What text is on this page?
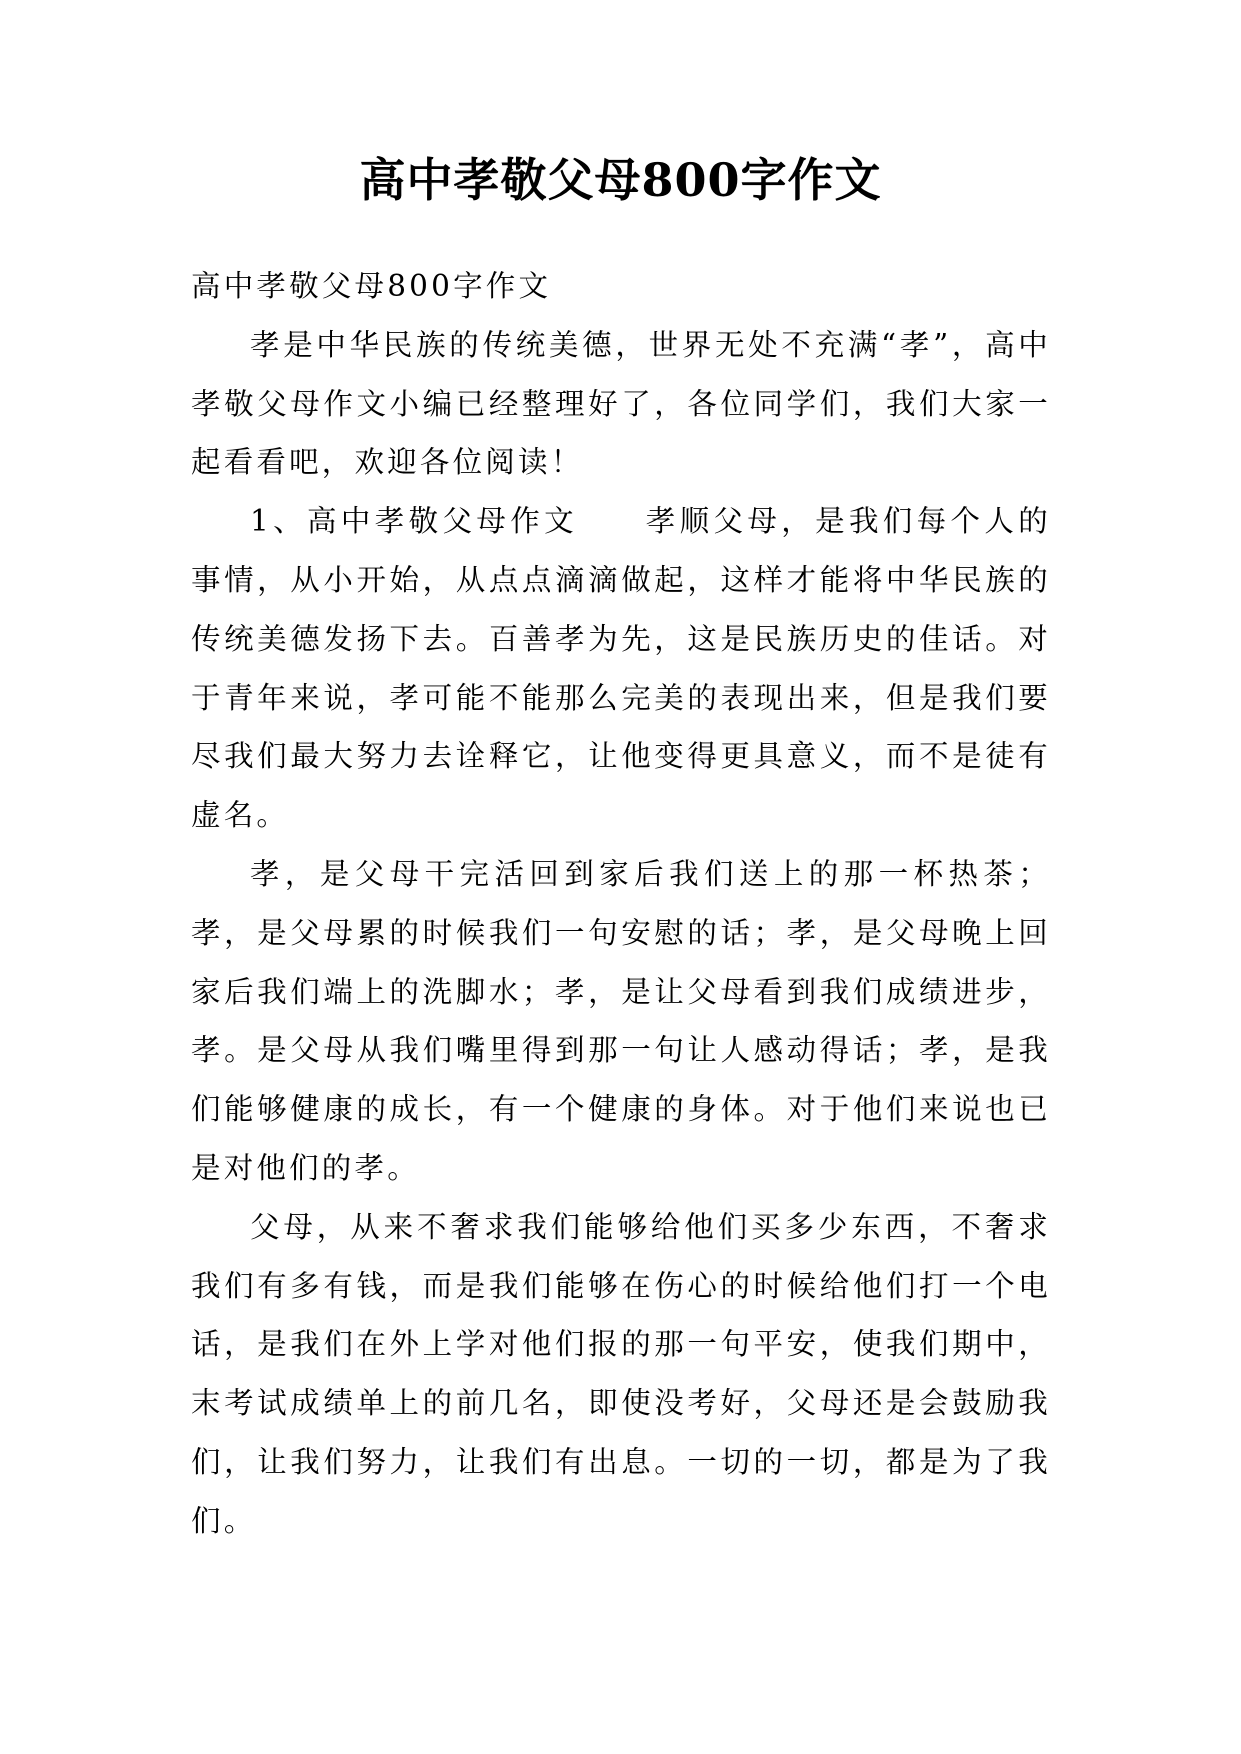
高中孝敬父母800字作文

高中孝敬父母800字作文

孝是中华民族的传统美德，世界无处不充满“孝”，高中孝敬父母作文小编已经整理好了，各位同学们，我们大家一起看看吧，欢迎各位阅读！

1、高中孝敬父母作文　　孝顺父母，是我们每个人的事情，从小开始，从点点滴滴做起，这样才能将中华民族的传统美德发扬下去。百善孝为先，这是民族历史的佳话。对于青年来说，孝可能不能那么完美的表现出来，但是我们要尽我们最大努力去诠释它，让他变得更具意义，而不是徒有虚名。

孝，是父母干完活回到家后我们送上的那一杯热茶；孝，是父母累的时候我们一句安慰的话；孝，是父母晚上回家后我们端上的洗脚水；孝，是让父母看到我们成绩进步，孝。是父母从我们嘴里得到那一句让人感动得话；孝，是我们能够健康的成长，有一个健康的身体。对于他们来说也已是对他们的孝。

父母，从来不奢求我们能够给他们买多少东西，不奢求我们有多有钱，而是我们能够在伤心的时候给他们打一个电话，是我们在外上学对他们报的那一句平安，使我们期中，末考试成绩单上的前几名，即使没考好，父母还是会鼓励我们，让我们努力，让我们有出息。一切的一切，都是为了我们。
